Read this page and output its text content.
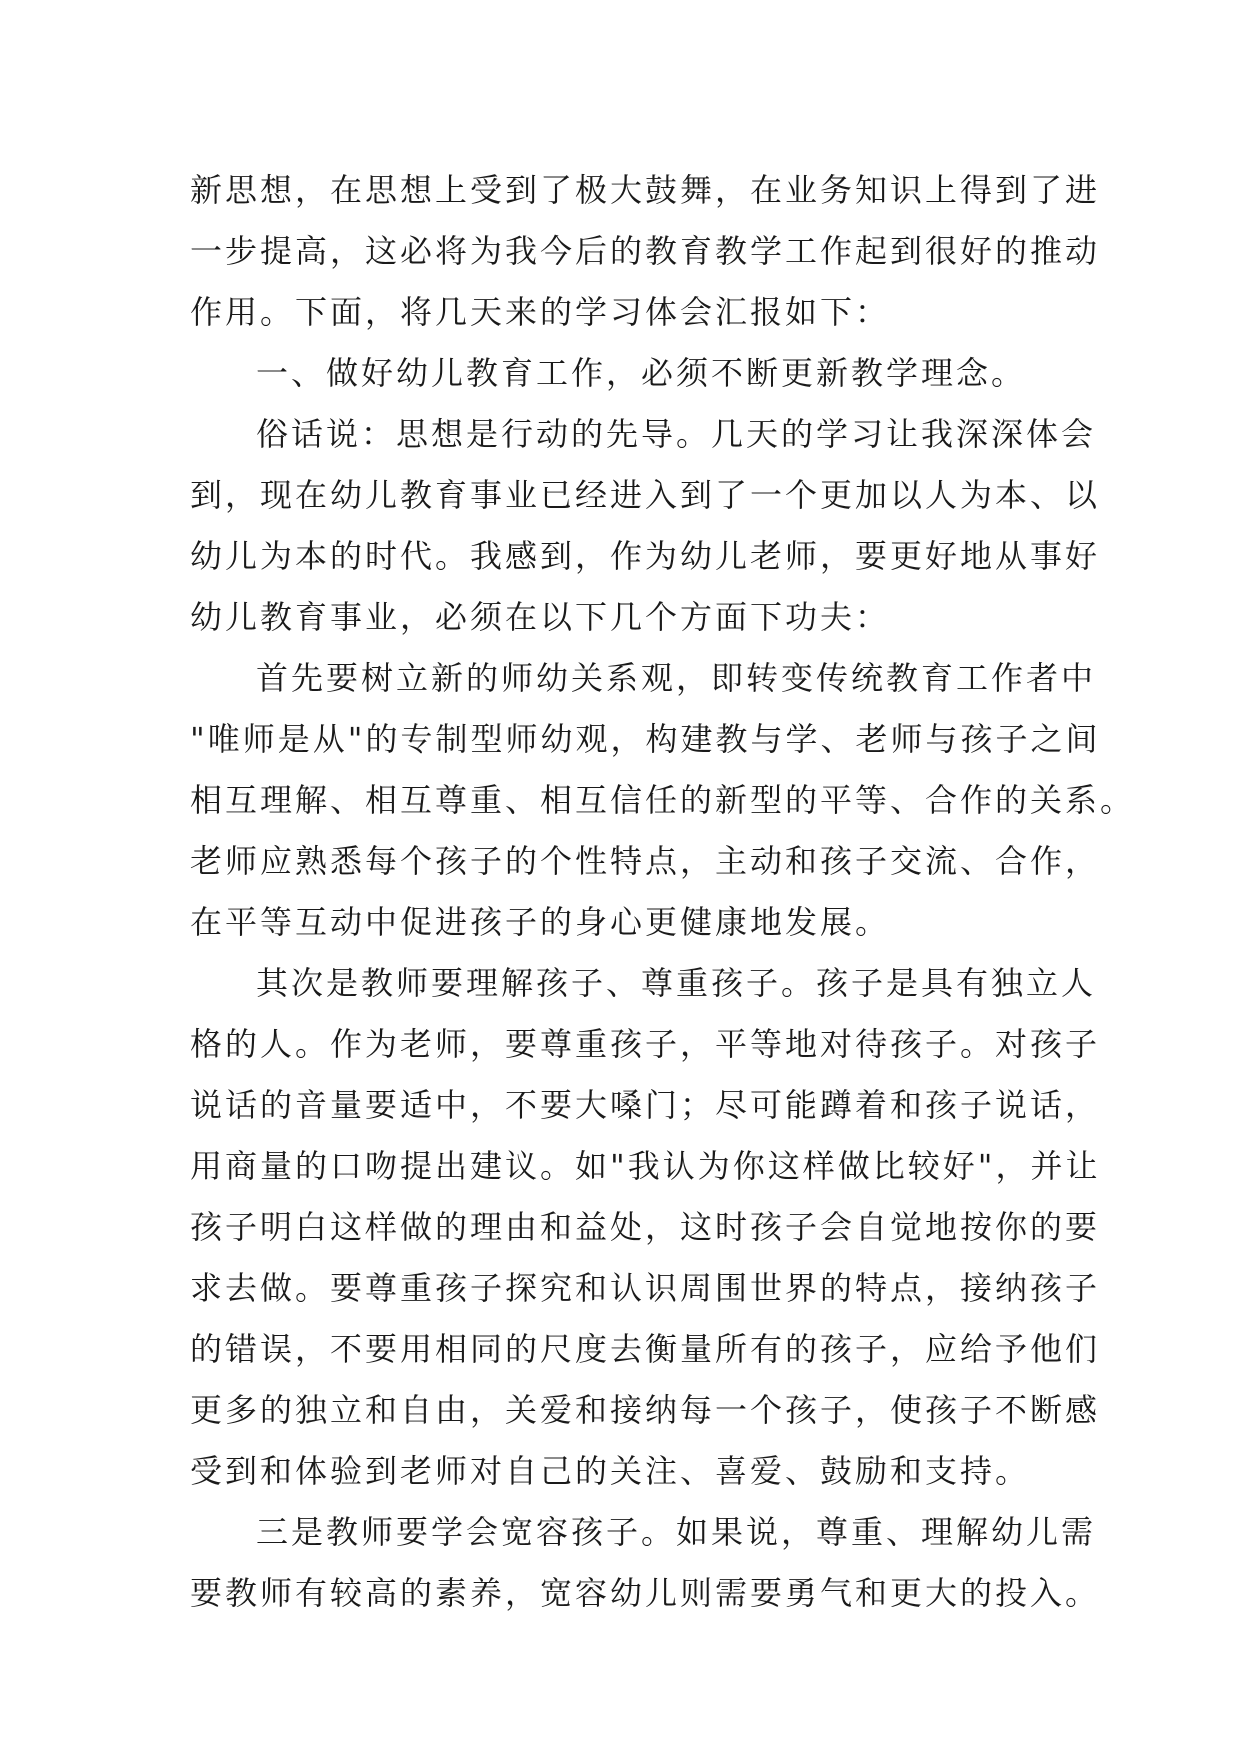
新思想，在思想上受到了极大鼓舞，在业务知识上得到了进
一步提高，这必将为我今后的教育教学工作起到很好的推动
作用。下面，将几天来的学习体会汇报如下：
一、做好幼儿教育工作，必须不断更新教学理念。
俗话说：思想是行动的先导。几天的学习让我深深体会
到，现在幼儿教育事业已经进入到了一个更加以人为本、以
幼儿为本的时代。我感到，作为幼儿老师，要更好地从事好
幼儿教育事业，必须在以下几个方面下功夫：
首先要树立新的师幼关系观，即转变传统教育工作者中
"唯师是从"的专制型师幼观，构建教与学、老师与孩子之间
相互理解、相互尊重、相互信任的新型的平等、合作的关系。
老师应熟悉每个孩子的个性特点，主动和孩子交流、合作，
在平等互动中促进孩子的身心更健康地发展。
其次是教师要理解孩子、尊重孩子。孩子是具有独立人
格的人。作为老师，要尊重孩子，平等地对待孩子。对孩子
说话的音量要适中，不要大嗓门；尽可能蹲着和孩子说话，
用商量的口吻提出建议。如"我认为你这样做比较好"，并让
孩子明白这样做的理由和益处，这时孩子会自觉地按你的要
求去做。要尊重孩子探究和认识周围世界的特点，接纳孩子
的错误，不要用相同的尺度去衡量所有的孩子，应给予他们
更多的独立和自由，关爱和接纳每一个孩子，使孩子不断感
受到和体验到老师对自己的关注、喜爱、鼓励和支持。
三是教师要学会宽容孩子。如果说，尊重、理解幼儿需
要教师有较高的素养，宽容幼儿则需要勇气和更大的投入。
